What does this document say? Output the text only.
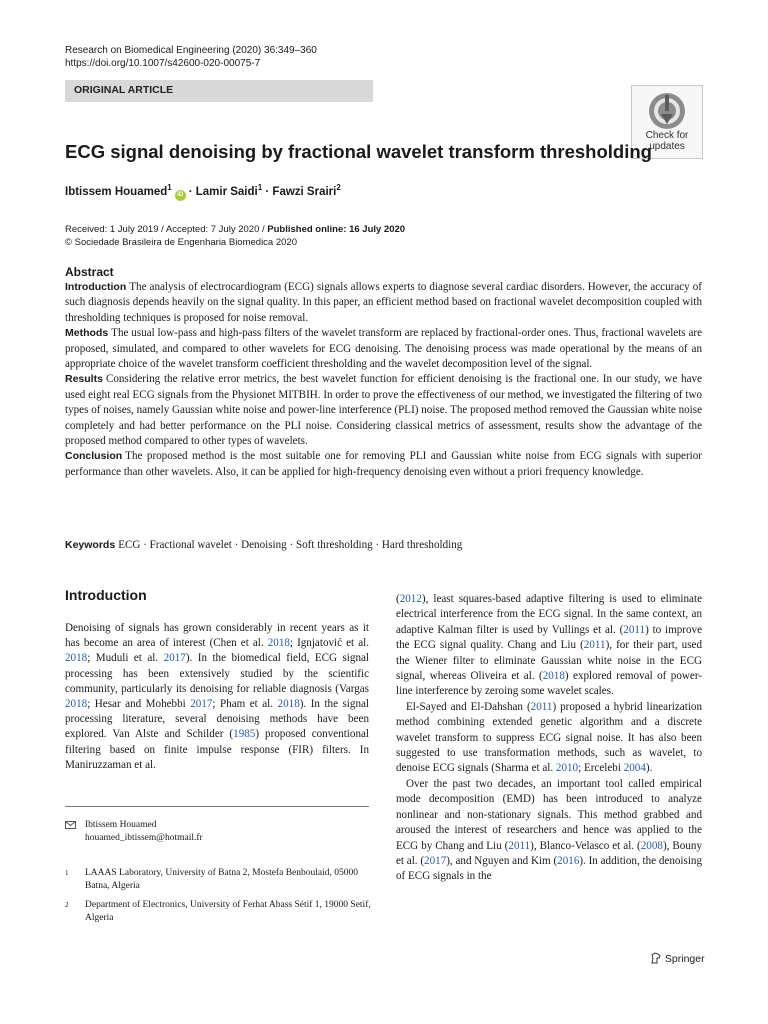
Research on Biomedical Engineering (2020) 36:349–360
https://doi.org/10.1007/s42600-020-00075-7
ORIGINAL ARTICLE
Check for
updates
ECG signal denoising by fractional wavelet transform thresholding
Ibtissem Houamed$^1$iD · Lamir Saidi$^1$ · Fawzi Srairi$^2$
Received: 1 July 2019 / Accepted: 7 July 2020 / Published online: 16 July 2020
© Sociedade Brasileira de Engenharia Biomedica 2020
Abstract

Introduction The analysis of electrocardiogram (ECG) signals allows experts to diagnose several cardiac disorders. However, the accuracy of such diagnosis depends heavily on the signal quality. In this paper, an efficient method based on fractional wavelet decomposition coupled with thresholding techniques is proposed for noise removal.

Methods The usual low-pass and high-pass filters of the wavelet transform are replaced by fractional-order ones. Thus, fractional wavelets are proposed, simulated, and compared to other wavelets for ECG denoising. The denoising process was made operational by the means of an appropriate choice of the wavelet transform coefficient thresholding and the wavelet decomposition level of the signal.

Results Considering the relative error metrics, the best wavelet function for efficient denoising is the fractional one. In our study, we have used eight real ECG signals from the Physionet MITBIH. In order to prove the effectiveness of our method, we investigated the filtering of two types of noises, namely Gaussian white noise and power-line interference (PLI) noise. The proposed method removed the Gaussian white noise completely and had better performance on the PLI noise. Considering classical metrics of assessment, results show the advantage of the proposed method compared to other types of wavelets.

Conclusion The proposed method is the most suitable one for removing PLI and Gaussian white noise from ECG signals with superior performance than other wavelets. Also, it can be applied for high-frequency denoising even without a priori frequency knowledge.

Keywords ECG · Fractional wavelet · Denoising · Soft thresholding · Hard thresholding
Introduction
Denoising of signals has grown considerably in recent years as it has become an area of interest (Chen et al. 2018; Ignjatović et al. 2018; Muduli et al. 2017). In the biomedical field, ECG signal processing has been extensively studied by the scientific community, particularly its denoising for reliable diagnosis (Vargas 2018; Hesar and Mohebbi 2017; Pham et al. 2018). In the signal processing literature, several denoising methods have been explored. Van Alste and Schilder (1985) proposed conventional filtering based on finite impulse response (FIR) filters. In Maniruzzaman et al.

(2012), least squares-based adaptive filtering is used to eliminate electrical interference from the ECG signal. In the same context, an adaptive Kalman filter is used by Vullings et al. (2011) to improve the ECG signal quality. Chang and Liu (2011), for their part, used the Wiener filter to eliminate Gaussian white noise in the ECG signal, whereas Oliveira et al. (2018) explored removal of power-line interference by zeroing some wavelet scales.

El-Sayed and El-Dahshan (2011) proposed a hybrid linearization method combining extended genetic algorithm and a discrete wavelet transform to suppress ECG signal noise. It has also been suggested to use transformation methods, such as wavelet, to denoise ECG signals (Sharma et al. 2010; Ercelebi 2004).

Over the past two decades, an important tool called empirical mode decomposition (EMD) has been introduced to analyze nonlinear and non-stationary signals. This method grabbed and aroused the interest of researchers and hence was applied to the ECG by Chang and Liu (2011), Blanco-Velasco et al. (2008), Bouny et al. (2017), and Nguyen and Kim (2016). In addition, the denoising of ECG signals in the

Ibtissem Houamed
houamed_ibtissem@hotmail.fr
1 LAAAS Laboratory, University of Batna 2, Mostefa Benboulaid, 05000 Batna, Algeria
2 Department of Electronics, University of Ferhat Abass Sétif 1, 19000 Setif, Algeria
Springer
